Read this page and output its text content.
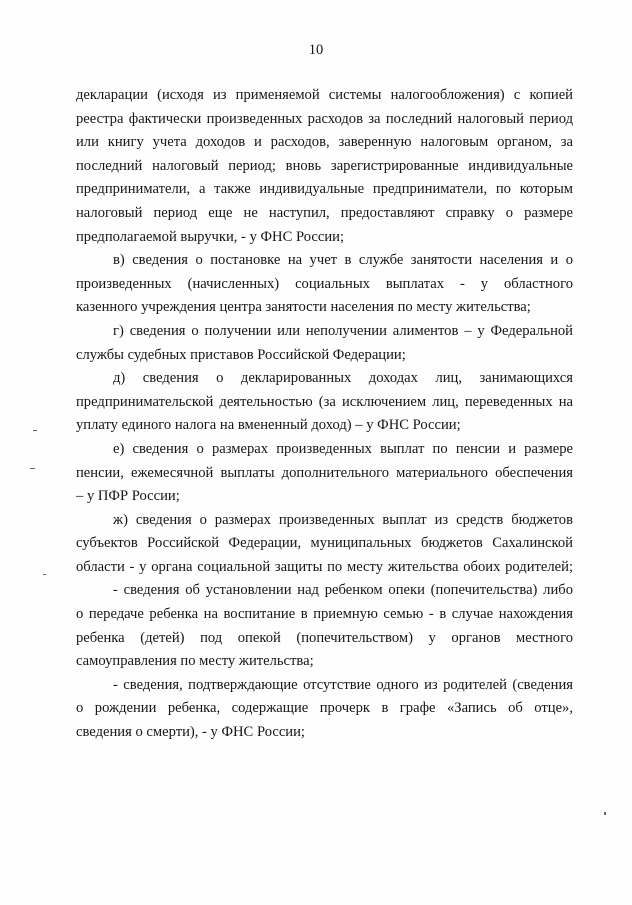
10
декларации (исходя из применяемой системы налогообложения) с копией
реестра фактически произведенных расходов за последний налоговый период
или книгу учета доходов и расходов, заверенную налоговым органом, за
последний налоговый период; вновь зарегистрированные индивидуальные
предприниматели, а также индивидуальные предприниматели, по которым
налоговый период еще не наступил, предоставляют справку о размере
предполагаемой выручки, - у ФНС России;
в) сведения о постановке на учет в службе занятости населения и о
произведенных (начисленных) социальных выплатах - у областного
казенного учреждения центра занятости населения по месту жительства;
г) сведения о получении или неполучении алиментов – у Федеральной
службы судебных приставов Российской Федерации;
д) сведения о декларированных доходах лиц, занимающихся
предпринимательской деятельностью (за исключением лиц, переведенных на
уплату единого налога на вмененный доход) – у ФНС России;
е) сведения о размерах произведенных выплат по пенсии и размере
пенсии, ежемесячной выплаты дополнительного материального обеспечения
– у ПФР России;
ж) сведения о размерах произведенных выплат из средств бюджетов
субъектов Российской Федерации, муниципальных бюджетов Сахалинской
области - у органа социальной защиты по месту жительства обоих родителей;
- сведения об установлении над ребенком опеки (попечительства) либо
о передаче ребенка на воспитание в приемную семью - в случае нахождения
ребенка (детей) под опекой (попечительством) у органов местного
самоуправления по месту жительства;
- сведения, подтверждающие отсутствие одного из родителей (сведения
о рождении ребенка, содержащие прочерк в графе «Запись об отце»,
сведения о смерти), - у ФНС России;
